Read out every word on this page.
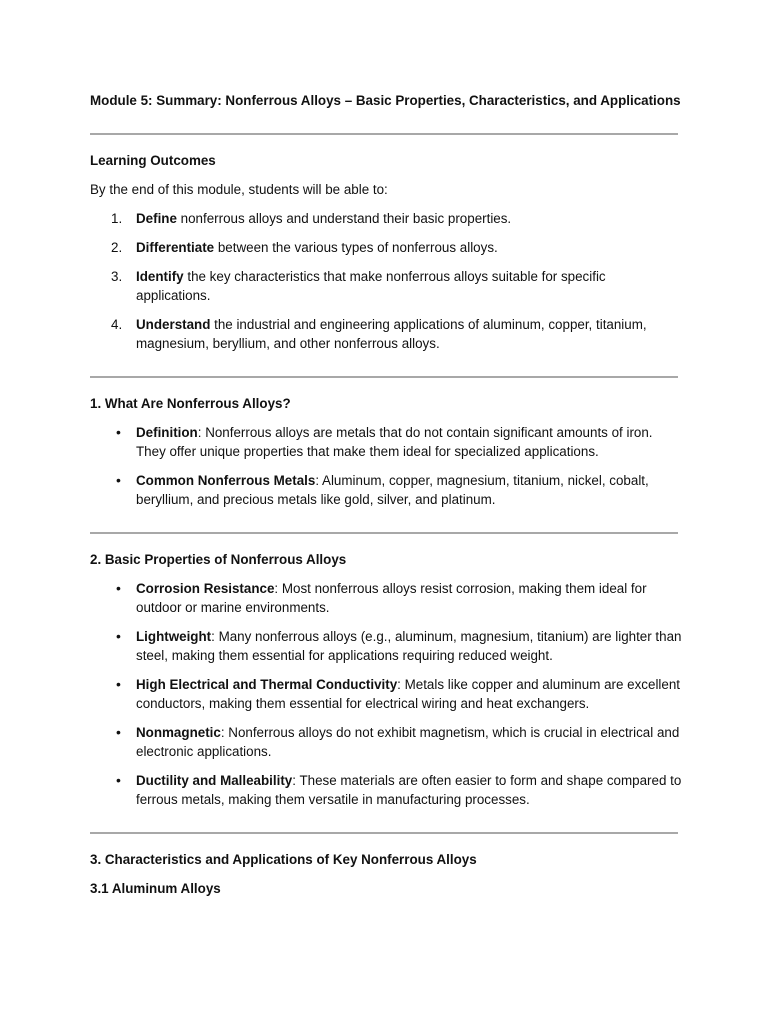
Module 5: Summary: Nonferrous Alloys – Basic Properties, Characteristics, and Applications

Learning Outcomes

By the end of this module, students will be able to:

1. Define nonferrous alloys and understand their basic properties.
2. Differentiate between the various types of nonferrous alloys.
3. Identify the key characteristics that make nonferrous alloys suitable for specific applications.
4. Understand the industrial and engineering applications of aluminum, copper, titanium, magnesium, beryllium, and other nonferrous alloys.

1. What Are Nonferrous Alloys?

• Definition: Nonferrous alloys are metals that do not contain significant amounts of iron. They offer unique properties that make them ideal for specialized applications.
• Common Nonferrous Metals: Aluminum, copper, magnesium, titanium, nickel, cobalt, beryllium, and precious metals like gold, silver, and platinum.

2. Basic Properties of Nonferrous Alloys

• Corrosion Resistance: Most nonferrous alloys resist corrosion, making them ideal for outdoor or marine environments.
• Lightweight: Many nonferrous alloys (e.g., aluminum, magnesium, titanium) are lighter than steel, making them essential for applications requiring reduced weight.
• High Electrical and Thermal Conductivity: Metals like copper and aluminum are excellent conductors, making them essential for electrical wiring and heat exchangers.
• Nonmagnetic: Nonferrous alloys do not exhibit magnetism, which is crucial in electrical and electronic applications.
• Ductility and Malleability: These materials are often easier to form and shape compared to ferrous metals, making them versatile in manufacturing processes.

3. Characteristics and Applications of Key Nonferrous Alloys

3.1 Aluminum Alloys
